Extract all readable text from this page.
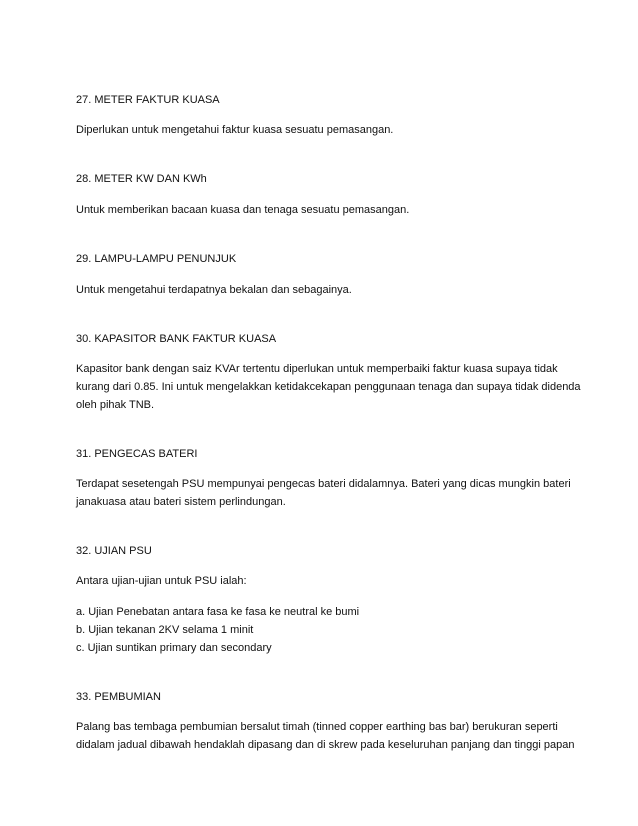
27. METER FAKTUR KUASA
Diperlukan untuk mengetahui faktur kuasa sesuatu pemasangan.
28. METER KW DAN KWh
Untuk memberikan bacaan kuasa dan tenaga sesuatu pemasangan.
29. LAMPU-LAMPU PENUNJUK
Untuk mengetahui terdapatnya bekalan dan sebagainya.
30. KAPASITOR BANK FAKTUR KUASA
Kapasitor bank dengan saiz KVAr tertentu diperlukan untuk memperbaiki faktur kuasa supaya tidak
kurang dari 0.85. Ini untuk mengelakkan ketidakcekapan penggunaan tenaga dan supaya tidak didenda
oleh pihak TNB.
31. PENGECAS BATERI
Terdapat sesetengah PSU mempunyai pengecas bateri didalamnya. Bateri yang dicas mungkin bateri
janakuasa atau bateri sistem perlindungan.
32. UJIAN PSU
Antara ujian-ujian untuk PSU ialah:
a. Ujian Penebatan antara fasa ke fasa ke neutral ke bumi
b. Ujian tekanan 2KV selama 1 minit
c. Ujian suntikan primary dan secondary
33. PEMBUMIAN
Palang bas tembaga pembumian bersalut timah (tinned copper earthing bas bar) berukuran seperti
didalam jadual dibawah hendaklah dipasang dan di skrew pada keseluruhan panjang dan tinggi papan
